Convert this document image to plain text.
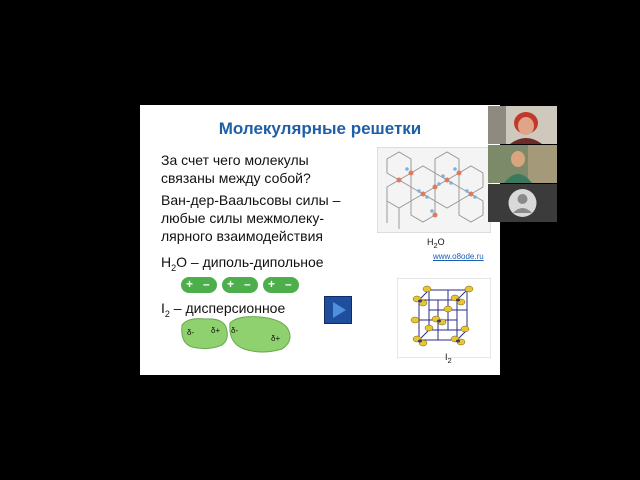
Молекулярные решетки
За счет чего молекулы
связаны между собой?
Ван-дер-Ваальсовы силы –
любые силы межмолеку-
лярного взаимодействия
$H_2O$ – диполь-дипольное
$I_2$ – дисперсионное
$H_2O$
www.o8ode.ru
+ – + – + –
δ- δ+ δ-
δ+
$I_2$
